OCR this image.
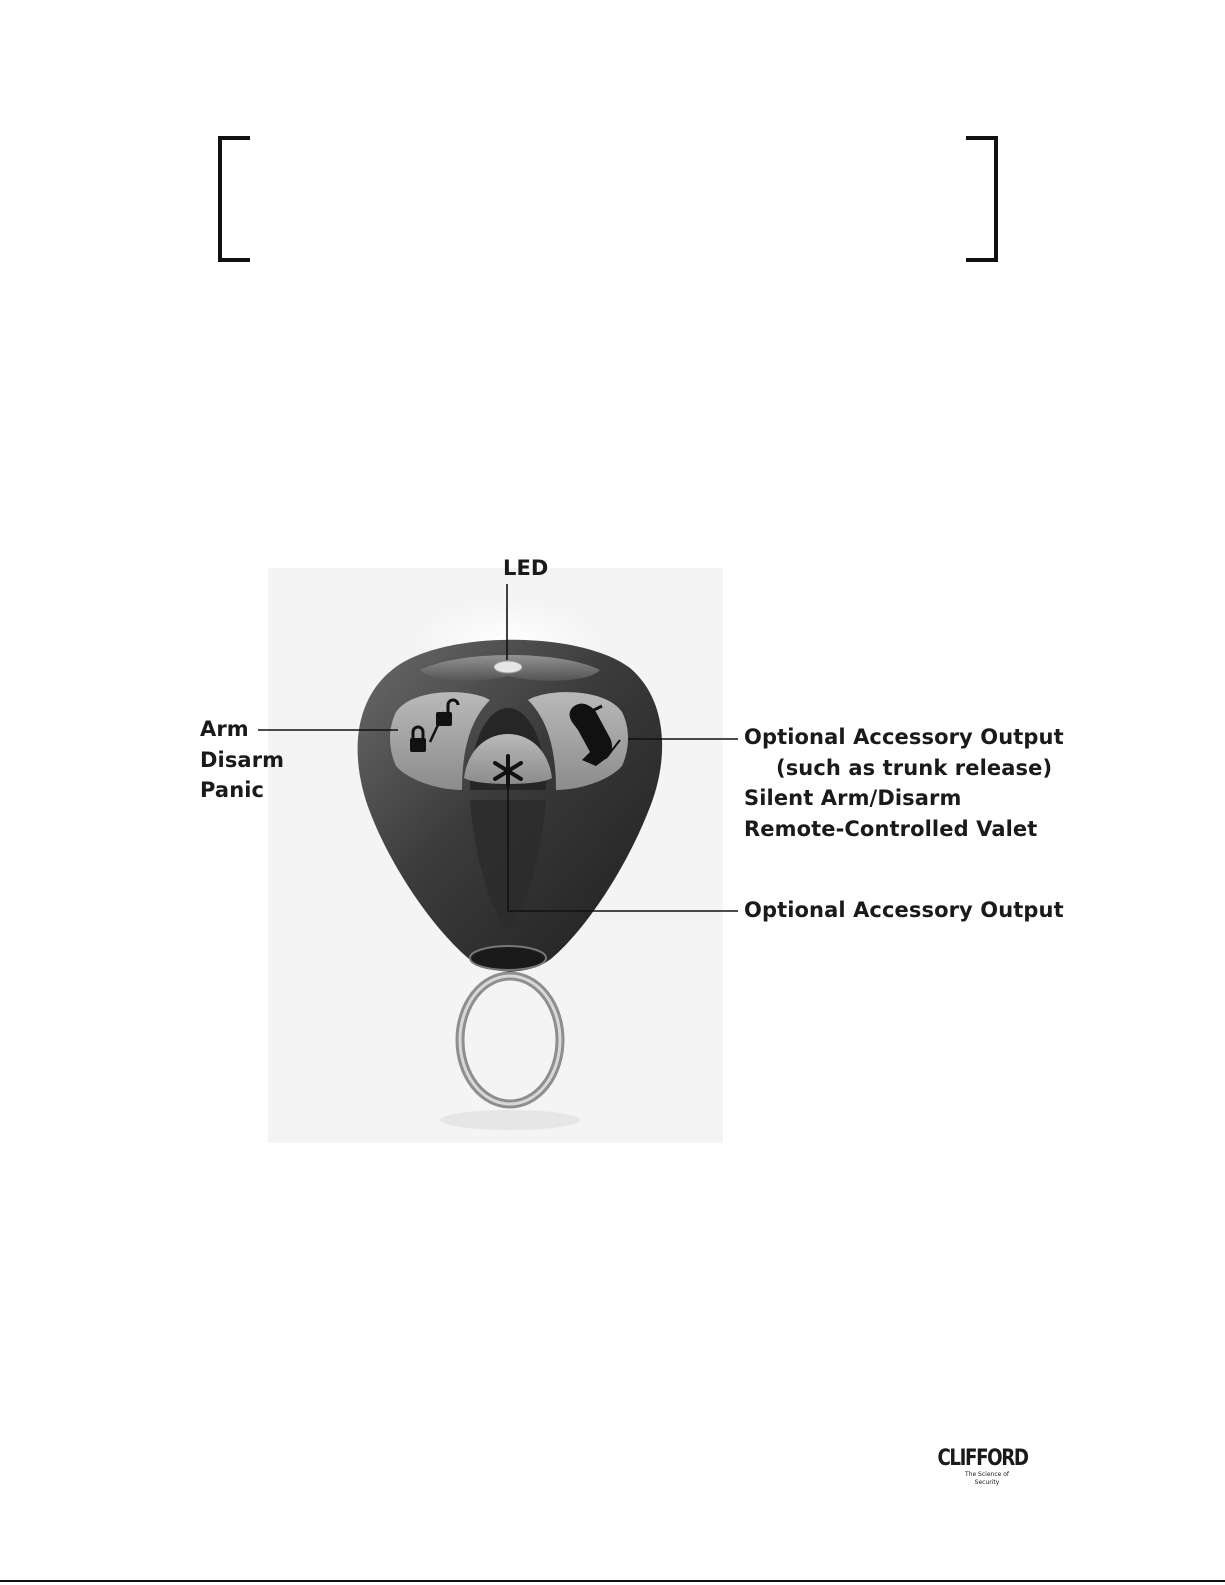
LED
Arm
Disarm
Panic
Optional Accessory Output
(such as trunk release)
Silent Arm/Disarm
Remote-Controlled Valet
Optional Accessory Output
CLIFFORD
The Science of Security
